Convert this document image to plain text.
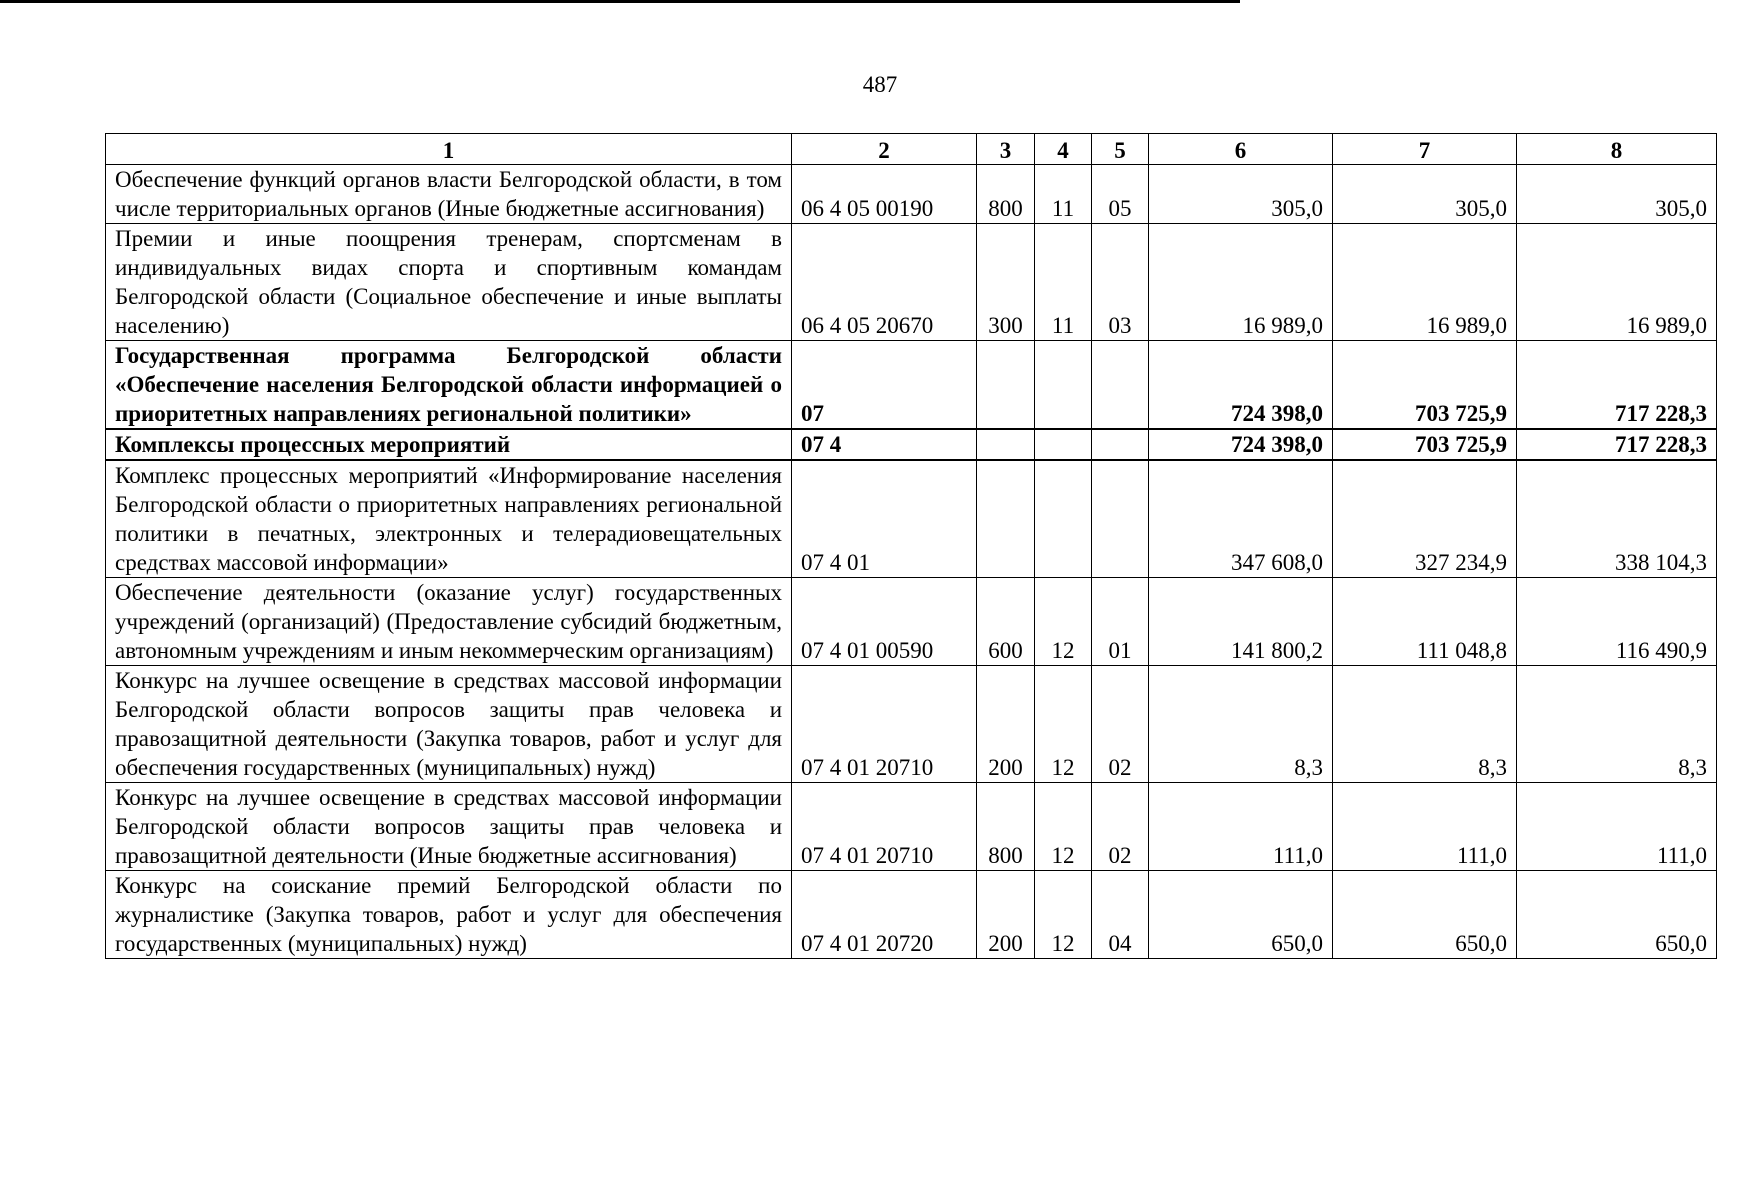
487
1	2	3	4	5	6	7	8
Обеспечение функций органов власти Белгородской области, в том числе территориальных органов (Иные бюджетные ассигнования)	06 4 05 00190	800	11	05	305,0	305,0	305,0
Премии и иные поощрения тренерам, спортсменам в индивидуальных видах спорта и спортивным командам Белгородской области (Социальное обеспечение и иные выплаты населению)	06 4 05 20670	300	11	03	16 989,0	16 989,0	16 989,0
Государственная программа Белгородской области «Обеспечение населения Белгородской области информацией о приоритетных направлениях региональной политики»	07				724 398,0	703 725,9	717 228,3
Комплексы процессных мероприятий	07 4				724 398,0	703 725,9	717 228,3
Комплекс процессных мероприятий «Информирование населения Белгородской области о приоритетных направлениях региональной политики в печатных, электронных и телерадиовещательных средствах массовой информации»	07 4 01				347 608,0	327 234,9	338 104,3
Обеспечение деятельности (оказание услуг) государственных учреждений (организаций) (Предоставление субсидий бюджетным, автономным учреждениям и иным некоммерческим организациям)	07 4 01 00590	600	12	01	141 800,2	111 048,8	116 490,9
Конкурс на лучшее освещение в средствах массовой информации Белгородской области вопросов защиты прав человека и правозащитной деятельности (Закупка товаров, работ и услуг для обеспечения государственных (муниципальных) нужд)	07 4 01 20710	200	12	02	8,3	8,3	8,3
Конкурс на лучшее освещение в средствах массовой информации Белгородской области вопросов защиты прав человека и правозащитной деятельности (Иные бюджетные ассигнования)	07 4 01 20710	800	12	02	111,0	111,0	111,0
Конкурс на соискание премий Белгородской области по журналистике (Закупка товаров, работ и услуг для обеспечения государственных (муниципальных) нужд)	07 4 01 20720	200	12	04	650,0	650,0	650,0
